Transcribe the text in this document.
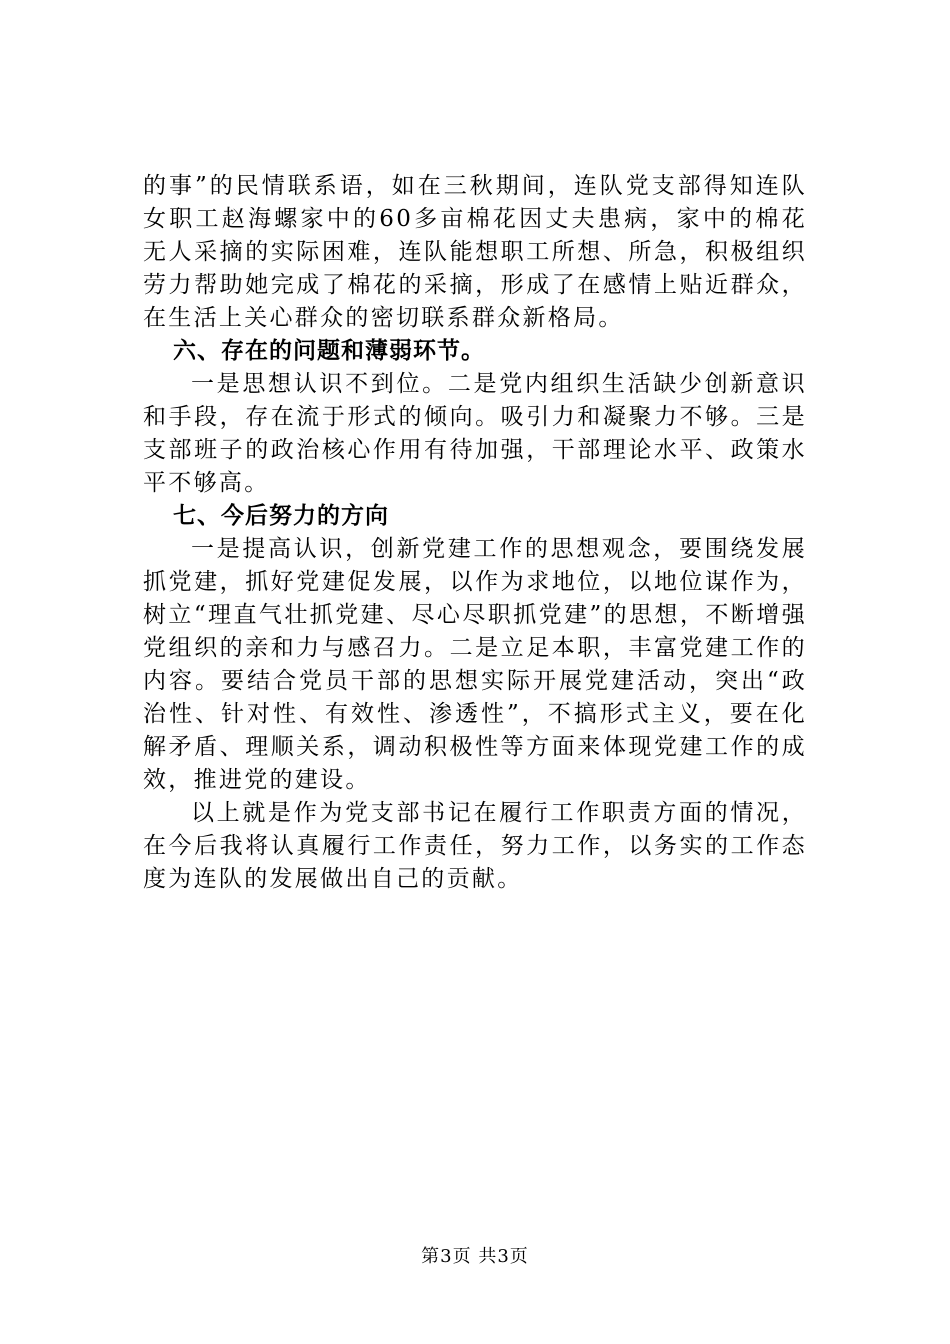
的事”的民情联系语，如在三秋期间，连队党支部得知连队女职工赵海螺家中的60多亩棉花因丈夫患病，家中的棉花无人采摘的实际困难，连队能想职工所想、所急，积极组织劳力帮助她完成了棉花的采摘，形成了在感情上贴近群众，在生活上关心群众的密切联系群众新格局。

六、存在的问题和薄弱环节。

一是思想认识不到位。二是党内组织生活缺少创新意识和手段，存在流于形式的倾向。吸引力和凝聚力不够。三是支部班子的政治核心作用有待加强，干部理论水平、政策水平不够高。

七、今后努力的方向

一是提高认识，创新党建工作的思想观念，要围绕发展抓党建，抓好党建促发展，以作为求地位，以地位谋作为，树立“理直气壮抓党建、尽心尽职抓党建”的思想，不断增强党组织的亲和力与感召力。二是立足本职，丰富党建工作的内容。要结合党员干部的思想实际开展党建活动，突出“政治性、针对性、有效性、渗透性”，不搞形式主义，要在化解矛盾、理顺关系，调动积极性等方面来体现党建工作的成效，推进党的建设。

以上就是作为党支部书记在履行工作职责方面的情况，在今后我将认真履行工作责任，努力工作，以务实的工作态度为连队的发展做出自己的贡献。

第3页 共3页
